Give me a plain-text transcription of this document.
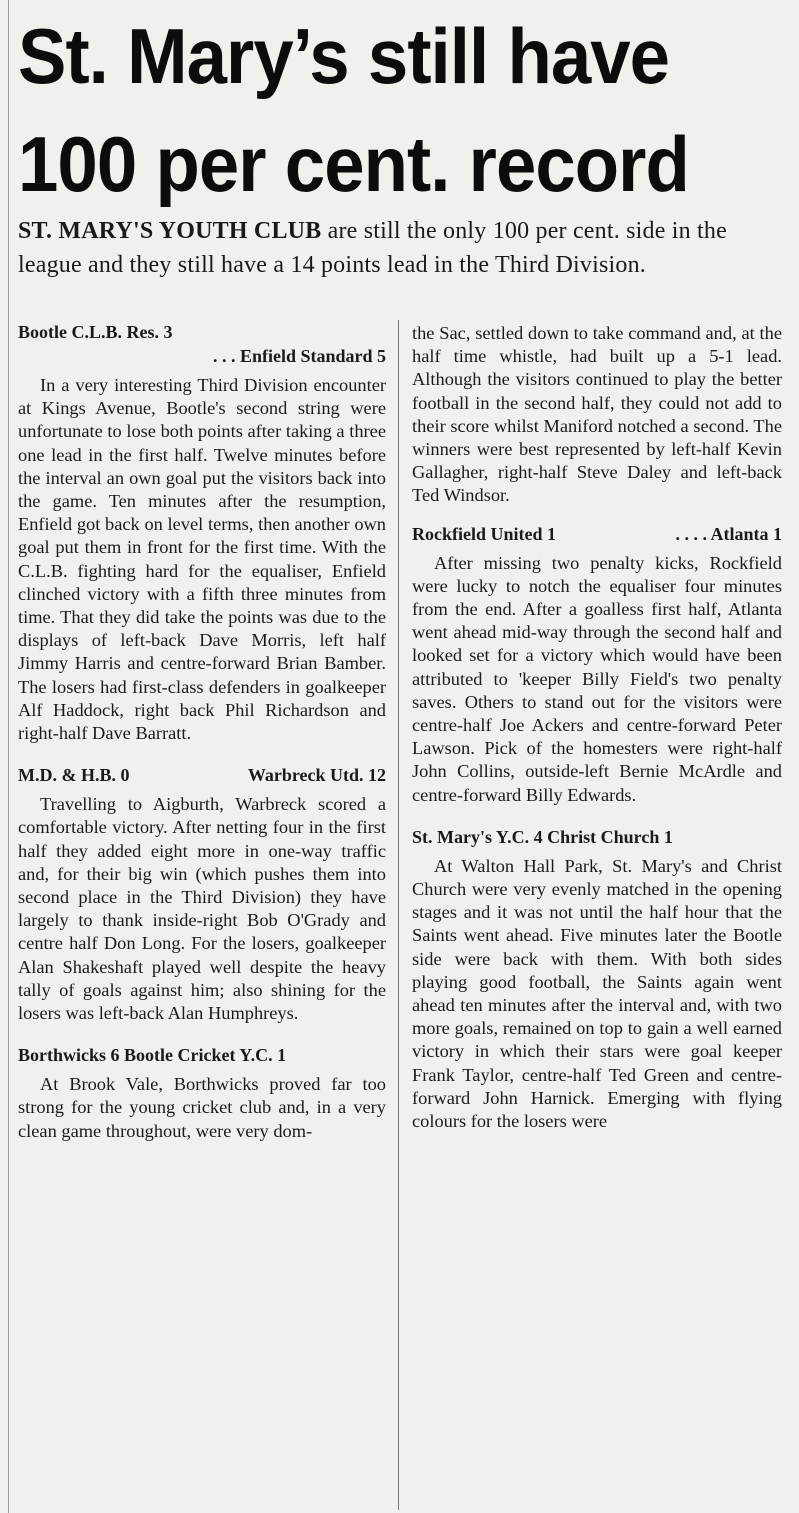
St. Mary’s still have
100 per cent. record

ST. MARY'S YOUTH CLUB are still the only 100 per cent. side in the league and they still have a 14 points lead in the Third Division.

Bootle C.L.B. Res. 3
. . . Enfield Standard 5

In a very interesting Third Division encounter at Kings Avenue, Bootle's second string were unfortunate to lose both points after taking a three one lead in the first half. Twelve minutes before the interval an own goal put the visitors back into the game. Ten minutes after the resumption, Enfield got back on level terms, then another own goal put them in front for the first time. With the C.L.B. fighting hard for the equaliser, Enfield clinched victory with a fifth three minutes from time. That they did take the points was due to the displays of left-back Dave Morris, left half Jimmy Harris and centre-forward Brian Bamber. The losers had first-class defenders in goalkeeper Alf Haddock, right back Phil Richardson and right-half Dave Barratt.

M.D. & H.B. 0	Warbreck Utd. 12

Travelling to Aigburth, Warbreck scored a comfortable victory. After netting four in the first half they added eight more in one-way traffic and, for their big win (which pushes them into second place in the Third Division) they have largely to thank inside-right Bob O'Grady and centre half Don Long. For the losers, goalkeeper Alan Shakeshaft played well despite the heavy tally of goals against him; also shining for the losers was left-back Alan Humphreys.

Borthwicks 6 Bootle Cricket Y.C. 1

At Brook Vale, Borthwicks proved far too strong for the young cricket club and, in a very clean game throughout, were very dom-

the Sac, settled down to take command and, at the half time whistle, had built up a 5-1 lead. Although the visitors continued to play the better football in the second half, they could not add to their score whilst Maniford notched a second. The winners were best represented by left-half Kevin Gallagher, right-half Steve Daley and left-back Ted Windsor.

Rockfield United 1	. . . . Atlanta 1

After missing two penalty kicks, Rockfield were lucky to notch the equaliser four minutes from the end. After a goalless first half, Atlanta went ahead mid-way through the second half and looked set for a victory which would have been attributed to 'keeper Billy Field's two penalty saves. Others to stand out for the visitors were centre-half Joe Ackers and centre-forward Peter Lawson. Pick of the homesters were right-half John Collins, outside-left Bernie McArdle and centre-forward Billy Edwards.

St. Mary's Y.C. 4 Christ Church 1

At Walton Hall Park, St. Mary's and Christ Church were very evenly matched in the opening stages and it was not until the half hour that the Saints went ahead. Five minutes later the Bootle side were back with them. With both sides playing good football, the Saints again went ahead ten minutes after the interval and, with two more goals, remained on top to gain a well earned victory in which their stars were goal keeper Frank Taylor, centre-half Ted Green and centre-forward John Harnick. Emerging with flying colours for the losers were
